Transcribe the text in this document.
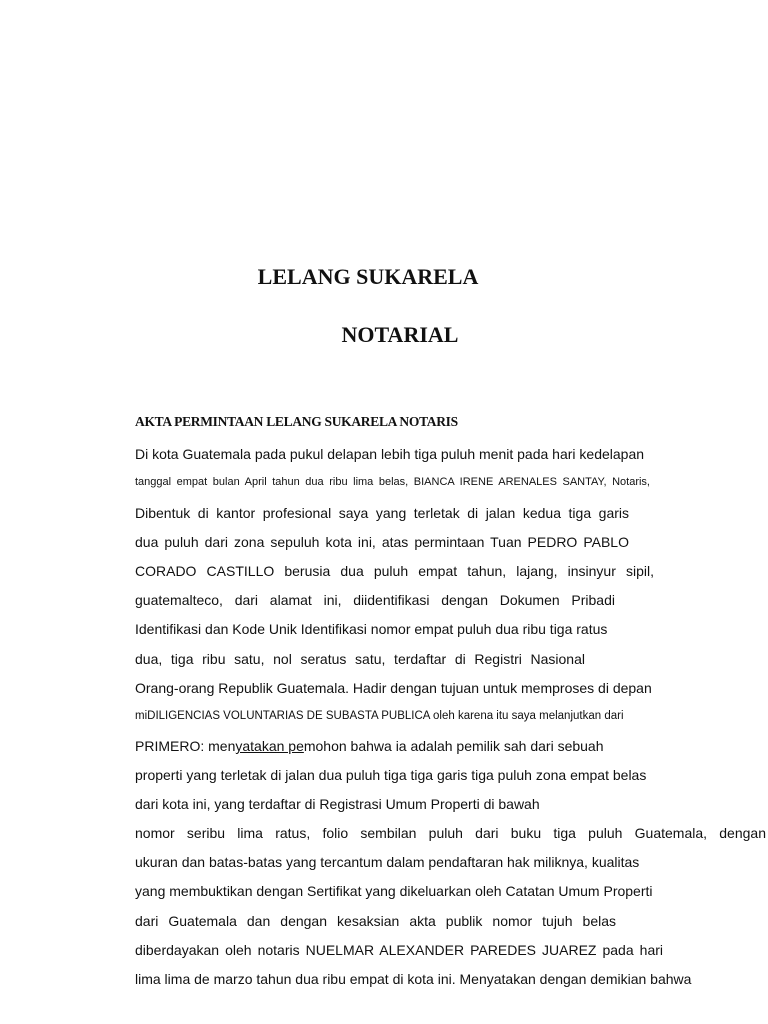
LELANG SUKARELA
NOTARIAL
AKTA PERMINTAAN LELANG SUKARELA NOTARIS

Di kota Guatemala pada pukul delapan lebih tiga puluh menit pada hari kedelapan

tanggal empat bulan April tahun dua ribu lima belas, BIANCA IRENE ARENALES SANTAY, Notaris,

Dibentuk di kantor profesional saya yang terletak di jalan kedua tiga garis

dua puluh dari zona sepuluh kota ini, atas permintaan Tuan PEDRO PABLO

CORADO CASTILLO berusia dua puluh empat tahun, lajang, insinyur sipil,

guatemalteco, dari alamat ini, diidentifikasi dengan Dokumen Pribadi

Identifikasi dan Kode Unik Identifikasi nomor empat puluh dua ribu tiga ratus

dua, tiga ribu satu, nol seratus satu, terdaftar di Registri Nasional

Orang-orang Republik Guatemala. Hadir dengan tujuan untuk memproses di depan

miDILIGENCIAS VOLUNTARIAS DE SUBASTA PUBLICA oleh karena itu saya melanjutkan dari

PRIMERO: menyatakan pemohon bahwa ia adalah pemilik sah dari sebuah

properti yang terletak di jalan dua puluh tiga tiga garis tiga puluh zona empat belas

dari kota ini, yang terdaftar di Registrasi Umum Properti di bawah

nomor seribu lima ratus, folio sembilan puluh dari buku tiga puluh Guatemala, dengan

ukuran dan batas-batas yang tercantum dalam pendaftaran hak miliknya, kualitas

yang membuktikan dengan Sertifikat yang dikeluarkan oleh Catatan Umum Properti

dari Guatemala dan dengan kesaksian akta publik nomor tujuh belas

diberdayakan oleh notaris NUELMAR ALEXANDER PAREDES JUAREZ pada hari

lima lima de marzo tahun dua ribu empat di kota ini. Menyatakan dengan demikian bahwa
